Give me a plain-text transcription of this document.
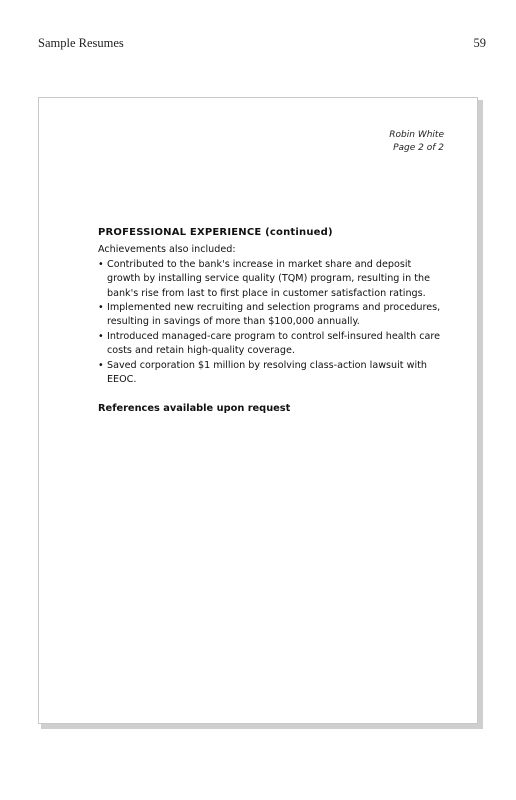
Sample Resumes	59
Robin White
Page 2 of 2
PROFESSIONAL EXPERIENCE (continued)
Achievements also included:
• Contributed to the bank's increase in market share and deposit growth by installing service quality (TQM) program, resulting in the bank's rise from last to first place in customer satisfaction ratings.
• Implemented new recruiting and selection programs and procedures, resulting in savings of more than $100,000 annually.
• Introduced managed-care program to control self-insured health care costs and retain high-quality coverage.
• Saved corporation $1 million by resolving class-action lawsuit with EEOC.
References available upon request
